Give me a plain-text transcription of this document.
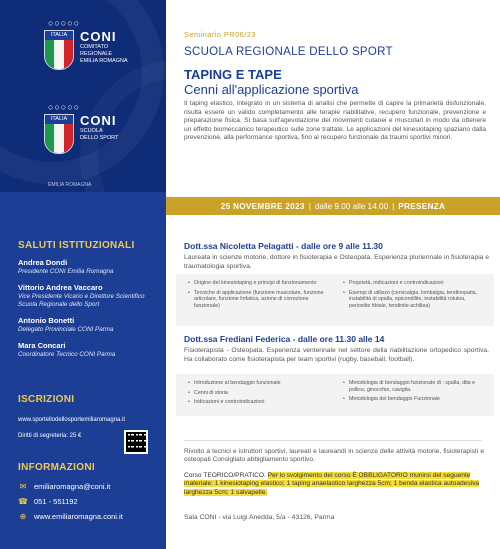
○○○○○
ITALIA CONI
COMITATO
REGIONALE
EMILIA ROMAGNA
○○○○○
ITALIA CONI
SCUOLA
DELLO SPORT
EMILIA ROMAGNA
SALUTI ISTITUZIONALI
Andrea Dondi
Presidente CONI Emilia Romagna
Vittorio Andrea Vaccaro
Vice Presidente Vicario e Direttore Scientifico Scuola Regionale dello Sport
Antonio Bonetti
Delegato Provinciale CONI Parma
Mara Concari
Coordinatore Tecnico CONI Parma
ISCRIZIONI
www.sportellodellosportemiliaromagna.it
Diritti di segreteria: 25 €
INFORMAZIONI
✉ emiliaromagna@coni.it
☎ 051 - 551192
⊕ www.emiliaromagna.coni.it
Seminario PR06/23
SCUOLA REGIONALE DELLO SPORT
TAPING E TAPE
Cenni all'applicazione sportiva
Il taping elastico, integrato in un sistema di analisi che permette di capire la primarietà disfunzionale, risulta essere un valido completamento alle terapie riabilitative, recupero funzionale, prevenzione e preparazione fisica. Si basa sull'agevolazione dei movimenti cutanei e muscolari in modo da ottenere un effetto biomeccanico terapeutico sulle zone trattate. Le applicazioni del kinesiotaping spaziano dalla prevenzione, alla performance sportiva, fino al recupero funzionale da traumi sportivi minori.
25 NOVEMBRE 2023 | dalle 9.00 alle 14.00 | PRESENZA
Dott.ssa Nicoletta Pelagatti - dalle ore 9 alle 11.30
Laureata in scienze motorie, dottore in fisioterapia e Osteopata. Esperienza pluriennale in fisioterapia e traumatologia sportiva.
• Origine del kinesiotaping e principi di funzionamento
• Tecniche di applicazione (funzione muscolare, funzione articolare, funzione linfatica, azione di correzione funzionale)
• Proprietà, indicazioni e controindicazioni
• Esempi di utilizzo (cervicalgia, lombalgia, tendinopatia, instabilità di spalla, epicondilite, instabilità rotulea, periostite tibiale, tendinite achillea)
Dott.ssa Frediani Federica - dalle ore 11.30 alle 14
Fisioterapista - Osteopata. Esperienza ventennale nel settore della riabilitazione ortopedico sportiva. Ha collaborato come fisioterapista per team sportivi (rugby, baseball, football).
• Introduzione al bendaggio funzionale
• Cenni di storia
• Indicazioni e controindicazioni
• Metodologia di bendaggio funzionale di : spalla, dita e pollice, ginocchio, caviglia.
• Metodologia del bendaggio Funzionale
Rivolto a tecnici e istruttori sportivi, laureati e laureandi in scienze delle attività motorie, fisioterapisti e osteopati Consigliato abbigliamento sportivo.
Corso TEORICO/PRATICO. Per lo svolgimento del corso È OBBLIGATORIO munirsi del seguente materiale: 1 kinesiotaping elastico; 1 taping anaelastico larghezza 5cm; 1 benda elastica autoadesiva larghezza 5cm; 1 salvapelle.
Sala CONI - via Luigi Anedda, 5/a - 43126, Parma
